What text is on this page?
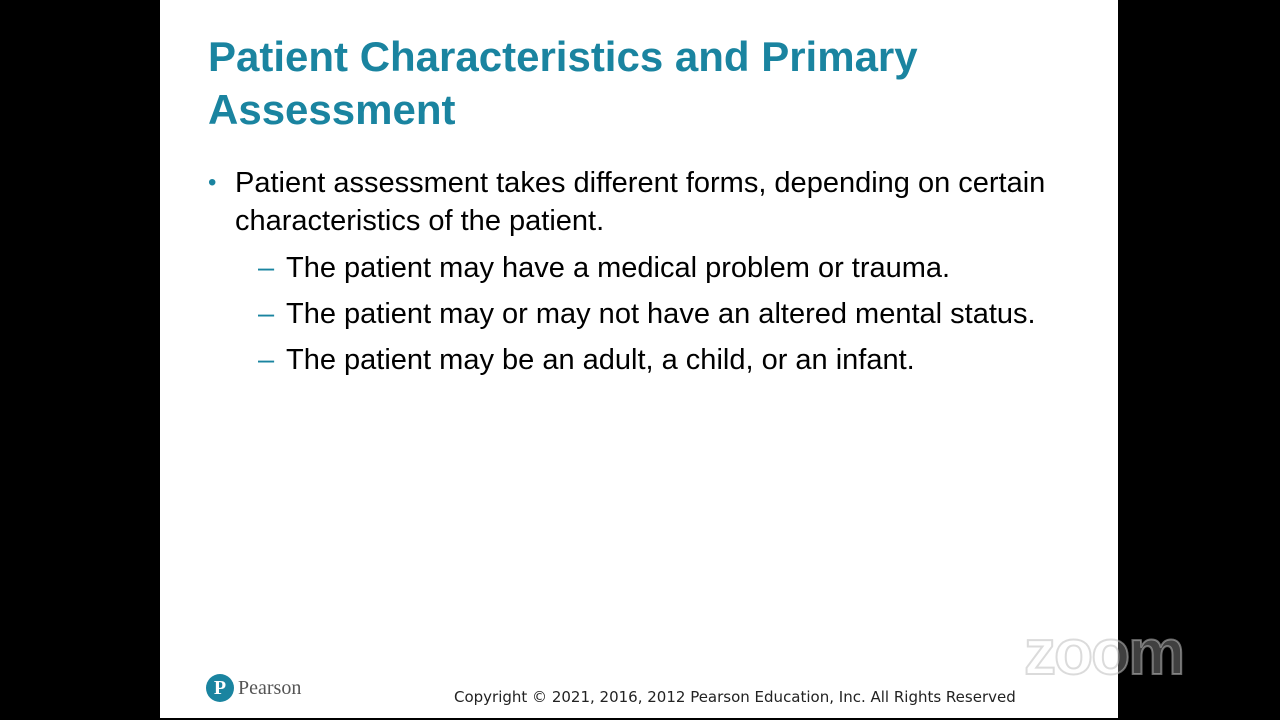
Patient Characteristics and Primary Assessment
• Patient assessment takes different forms, depending on certain characteristics of the patient.
– The patient may have a medical problem or trauma.
– The patient may or may not have an altered mental status.
– The patient may be an adult, a child, or an infant.
P Pearson	Copyright © 2021, 2016, 2012 Pearson Education, Inc. All Rights Reserved
zoom
